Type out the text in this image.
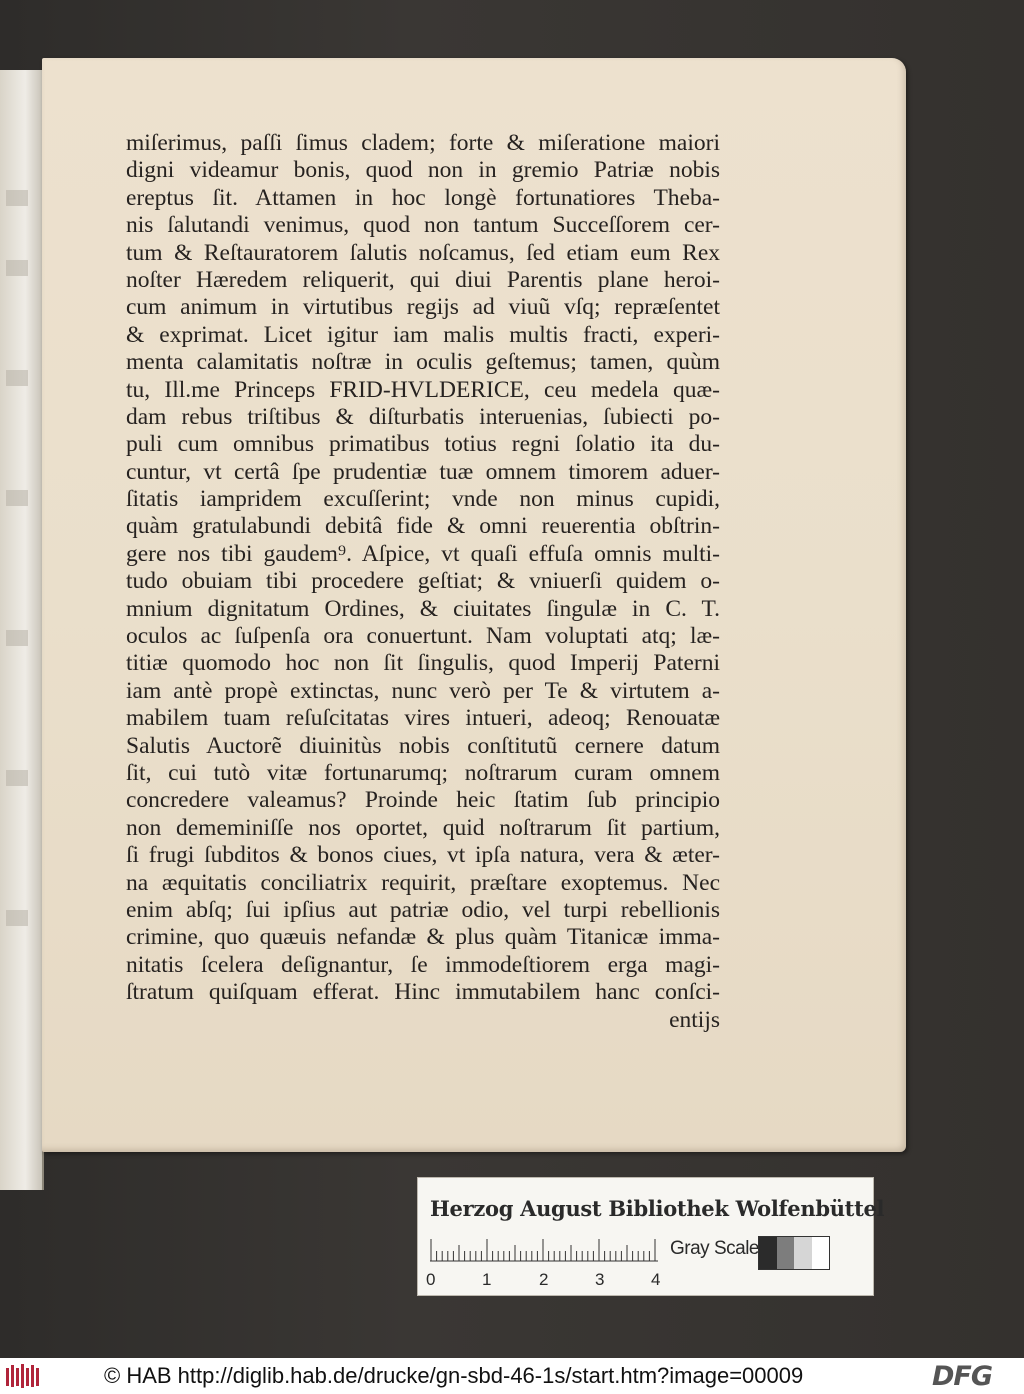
miſerimus, paſſi ſimus cladem; forte & miſeratione maiori
digni videamur bonis, quod non in gremio Patriæ nobis
ereptus ſit. Attamen in hoc longè fortunatiores Theba-
nis ſalutandi venimus, quod non tantum Succeſſorem cer-
tum & Reſtauratorem ſalutis noſcamus, ſed etiam eum Rex
noſter Hæredem reliquerit, qui diui Parentis plane heroi-
cum animum in virtutibus regijs ad viuũ vſq; repræſentet
& exprimat. Licet igitur iam malis multis fracti, experi-
menta calamitatis noſtræ in oculis geſtemus; tamen, quùm
tu, Ill.me Princeps FRID-HVLDERICE, ceu medela quæ-
dam rebus triſtibus & diſturbatis interuenias, ſubiecti po-
puli cum omnibus primatibus totius regni ſolatio ita du-
cuntur, vt certâ ſpe prudentiæ tuæ omnem timorem aduer-
ſitatis iampridem excuſſerint; vnde non minus cupidi,
quàm gratulabundi debitâ fide & omni reuerentia obſtrin-
gere nos tibi gaudem⁹. Aſpice, vt quaſi effuſa omnis multi-
tudo obuiam tibi procedere geſtiat; & vniuerſi quidem o-
mnium dignitatum Ordines, & ciuitates ſingulæ in C. T.
oculos ac ſuſpenſa ora conuertunt. Nam voluptati atq; læ-
titiæ quomodo hoc non ſit ſingulis, quod Imperij Paterni
iam antè propè extinctas, nunc verò per Te & virtutem a-
mabilem tuam reſuſcitatas vires intueri, adeoq; Renouatæ
Salutis Auctorẽ diuinitùs nobis conſtitutũ cernere datum
ſit, cui tutò vitæ fortunarumq; noſtrarum curam omnem
concredere valeamus? Proinde heic ſtatim ſub principio
non dememiniſſe nos oportet, quid noſtrarum ſit partium,
ſi frugi ſubditos & bonos ciues, vt ipſa natura, vera & æter-
na æquitatis conciliatrix requirit, præſtare exoptemus. Nec
enim abſq; ſui ipſius aut patriæ odio, vel turpi rebellionis
crimine, quo quæuis nefandæ & plus quàm Titanicæ imma-
nitatis ſcelera deſignantur, ſe immodeſtiorem erga magi-
ſtratum quiſquam efferat. Hinc immutabilem hanc conſci-
entijs
Herzog August Bibliothek Wolfenbüttel
0	1	2	3	4
Gray Scale
© HAB http://diglib.hab.de/drucke/gn-sbd-46-1s/start.htm?image=00009	DFG
